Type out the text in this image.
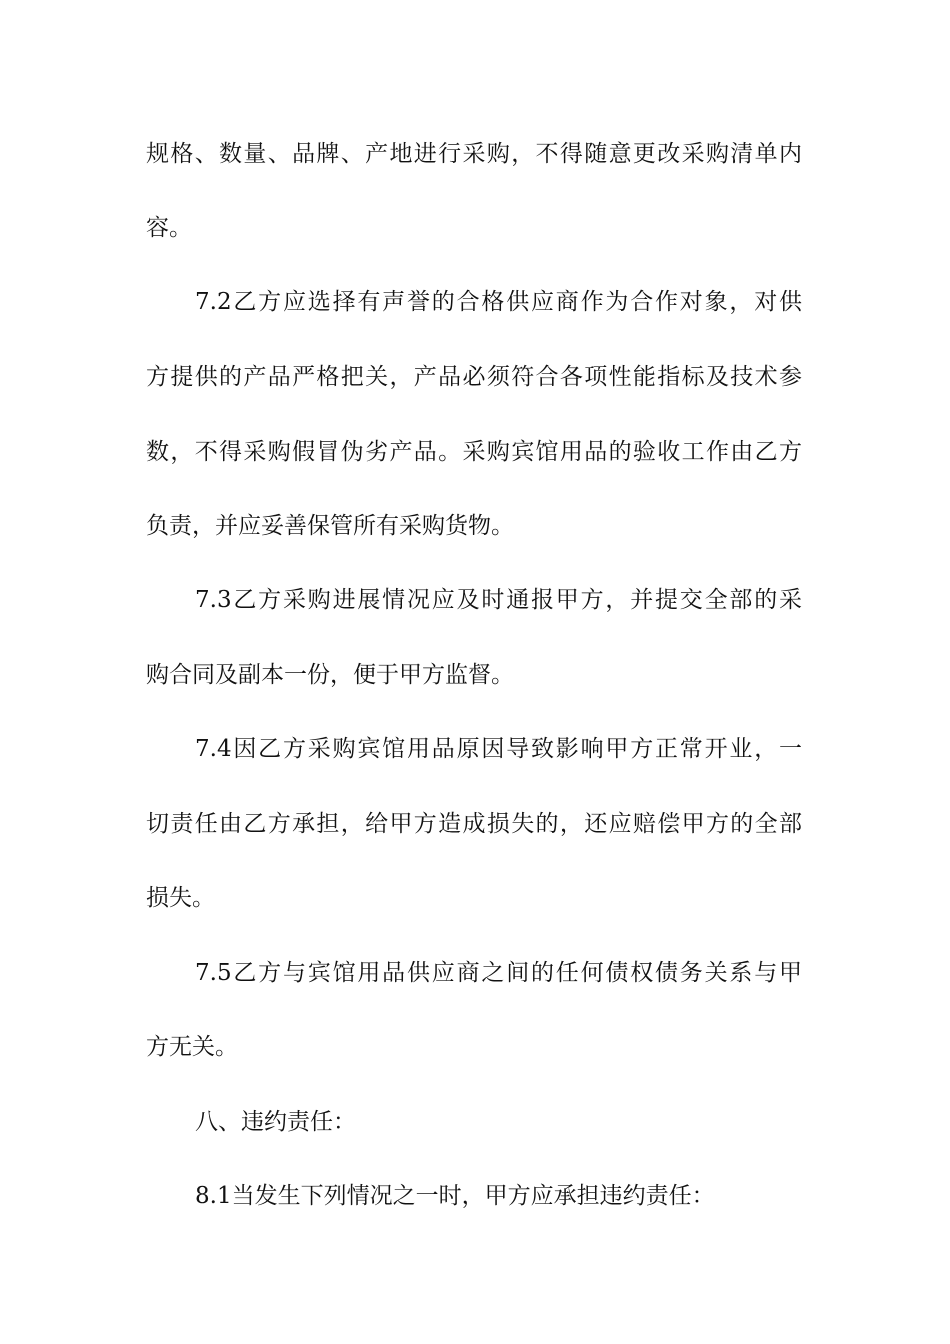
规格、数量、品牌、产地进行采购，不得随意更改采购清单内
容。
7.2乙方应选择有声誉的合格供应商作为合作对象，对供
方提供的产品严格把关，产品必须符合各项性能指标及技术参
数，不得采购假冒伪劣产品。采购宾馆用品的验收工作由乙方
负责，并应妥善保管所有采购货物。
7.3乙方采购进展情况应及时通报甲方，并提交全部的采
购合同及副本一份，便于甲方监督。
7.4因乙方采购宾馆用品原因导致影响甲方正常开业，一
切责任由乙方承担，给甲方造成损失的，还应赔偿甲方的全部
损失。
7.5乙方与宾馆用品供应商之间的任何债权债务关系与甲
方无关。
八、违约责任：
8.1当发生下列情况之一时，甲方应承担违约责任：
